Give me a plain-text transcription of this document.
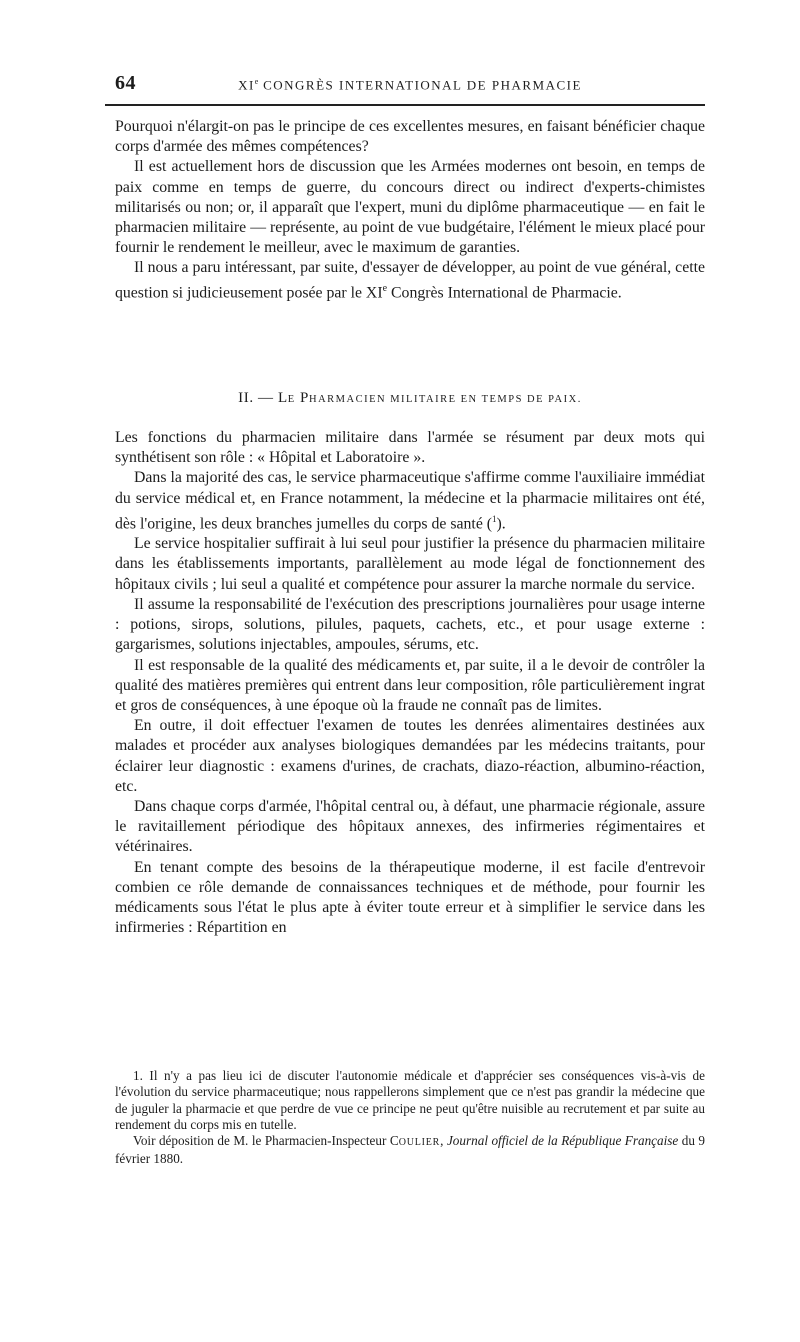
64	XIe CONGRÈS INTERNATIONAL DE PHARMACIE

Pourquoi n'élargit-on pas le principe de ces excellentes mesures, en faisant bénéficier chaque corps d'armée des mêmes compétences?

Il est actuellement hors de discussion que les Armées modernes ont besoin, en temps de paix comme en temps de guerre, du concours direct ou indirect d'experts-chimistes militarisés ou non; or, il apparaît que l'expert, muni du diplôme pharmaceutique — en fait le pharmacien militaire — représente, au point de vue budgétaire, l'élément le mieux placé pour fournir le rendement le meilleur, avec le maximum de garanties.

Il nous a paru intéressant, par suite, d'essayer de développer, au point de vue général, cette question si judicieusement posée par le XIe Congrès International de Pharmacie.

II. — LE PHARMACIEN MILITAIRE EN TEMPS DE PAIX.

Les fonctions du pharmacien militaire dans l'armée se résument par deux mots qui synthétisent son rôle : « Hôpital et Laboratoire ».

Dans la majorité des cas, le service pharmaceutique s'affirme comme l'auxiliaire immédiat du service médical et, en France notamment, la médecine et la pharmacie militaires ont été, dès l'origine, les deux branches jumelles du corps de santé ($^1$).

Le service hospitalier suffirait à lui seul pour justifier la présence du pharmacien militaire dans les établissements importants, parallèlement au mode légal de fonctionnement des hôpitaux civils ; lui seul a qualité et compétence pour assurer la marche normale du service.

Il assume la responsabilité de l'exécution des prescriptions journalières pour usage interne : potions, sirops, solutions, pilules, paquets, cachets, etc., et pour usage externe : gargarismes, solutions injectables, ampoules, sérums, etc.

Il est responsable de la qualité des médicaments et, par suite, il a le devoir de contrôler la qualité des matières premières qui entrent dans leur composition, rôle particulièrement ingrat et gros de conséquences, à une époque où la fraude ne connaît pas de limites.

En outre, il doit effectuer l'examen de toutes les denrées alimentaires destinées aux malades et procéder aux analyses biologiques demandées par les médecins traitants, pour éclairer leur diagnostic : examens d'urines, de crachats, diazo-réaction, albumino-réaction, etc.

Dans chaque corps d'armée, l'hôpital central ou, à défaut, une pharmacie régionale, assure le ravitaillement périodique des hôpitaux annexes, des infirmeries régimentaires et vétérinaires.

En tenant compte des besoins de la thérapeutique moderne, il est facile d'entrevoir combien ce rôle demande de connaissances techniques et de méthode, pour fournir les médicaments sous l'état le plus apte à éviter toute erreur et à simplifier le service dans les infirmeries : Répartition en

1. Il n'y a pas lieu ici de discuter l'autonomie médicale et d'apprécier ses conséquences vis-à-vis de l'évolution du service pharmaceutique; nous rappellerons simplement que ce n'est pas grandir la médecine que de juguler la pharmacie et que perdre de vue ce principe ne peut qu'être nuisible au recrutement et par suite au rendement du corps mis en tutelle.

Voir déposition de M. le Pharmacien-Inspecteur COULIER, Journal officiel de la République Française du 9 février 1880.
